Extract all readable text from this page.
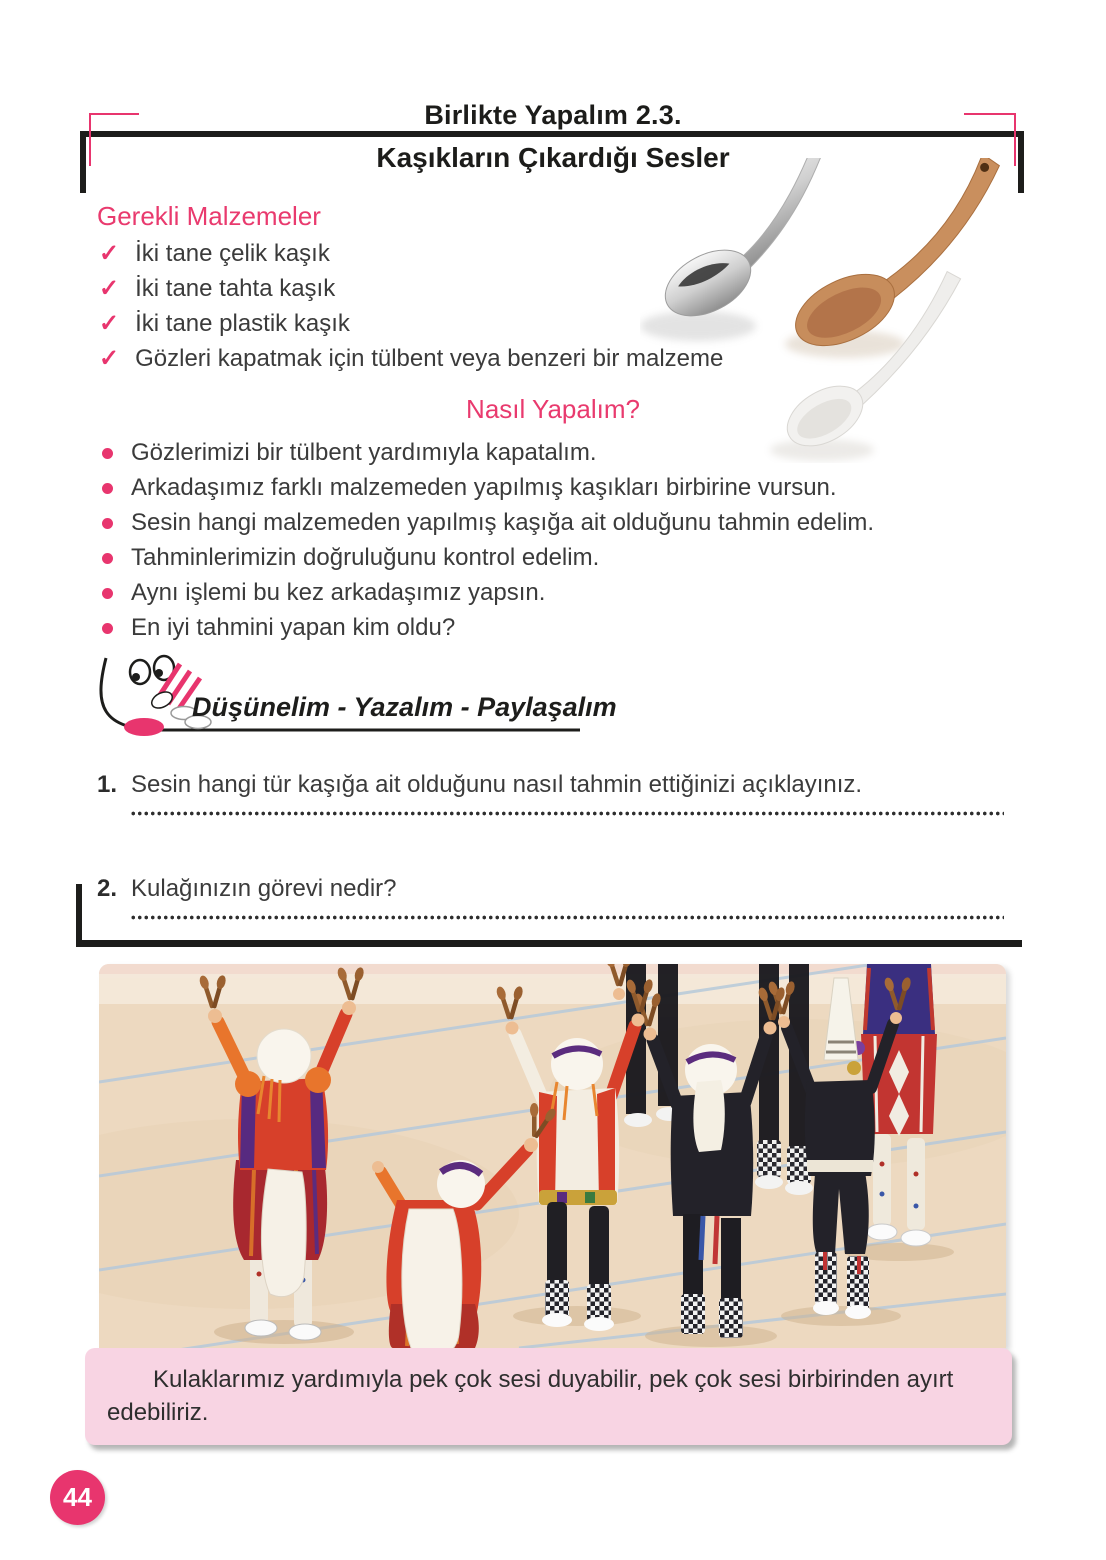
Birlikte Yapalım 2.3.
Kaşıkların Çıkardığı Sesler
Gerekli Malzemeler
✓ İki tane çelik kaşık
✓ İki tane tahta kaşık
✓ İki tane plastik kaşık
✓ Gözleri kapatmak için tülbent veya benzeri bir malzeme
Nasıl Yapalım?
Gözlerimizi bir tülbent yardımıyla kapatalım.
Arkadaşımız farklı malzemeden yapılmış kaşıkları birbirine vursun.
Sesin hangi malzemeden yapılmış kaşığa ait olduğunu tahmin edelim.
Tahminlerimizin doğruluğunu kontrol edelim.
Aynı işlemi bu kez arkadaşımız yapsın.
En iyi tahmini yapan kim oldu?
Düşünelim - Yazalım - Paylaşalım
1. Sesin hangi tür kaşığa ait olduğunu nasıl tahmin ettiğinizi açıklayınız.
2. Kulağınızın görevi nedir?

Kulaklarımız yardımıyla pek çok sesi duyabilir, pek çok sesi birbirinden ayırt edebiliriz.

44
